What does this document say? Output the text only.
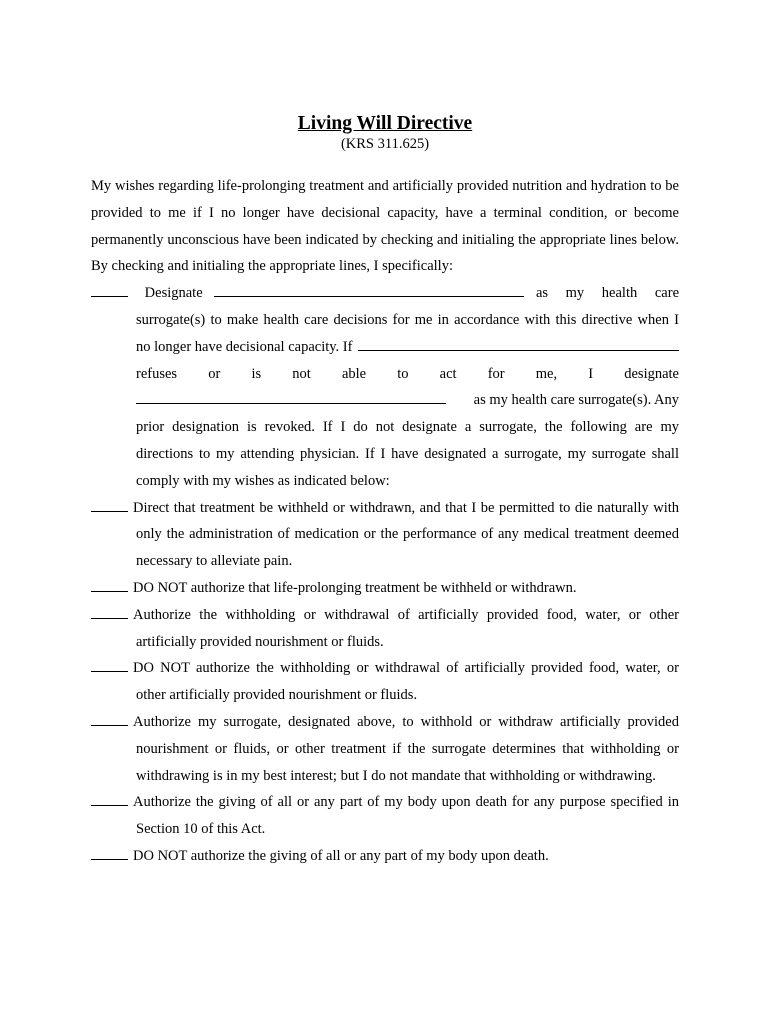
Living Will Directive
(KRS 311.625)
My wishes regarding life-prolonging treatment and artificially provided nutrition and hydration to be provided to me if I no longer have decisional capacity, have a terminal condition, or become permanently unconscious have been indicated by checking and initialing the appropriate lines below. By checking and initialing the appropriate lines, I specifically:
Designate	as my health care
surrogate(s) to make health care decisions for me in accordance with this directive when I
no longer have decisional capacity. If
refuses or is not able to act for me, I designate
as my health care surrogate(s). Any
prior designation is revoked. If I do not designate a surrogate, the following are my directions to my attending physician. If I have designated a surrogate, my surrogate shall comply with my wishes as indicated below:
Direct that treatment be withheld or withdrawn, and that I be permitted to die naturally with only the administration of medication or the performance of any medical treatment deemed necessary to alleviate pain.
DO NOT authorize that life-prolonging treatment be withheld or withdrawn.
Authorize the withholding or withdrawal of artificially provided food, water, or other artificially provided nourishment or fluids.
DO NOT authorize the withholding or withdrawal of artificially provided food, water, or other artificially provided nourishment or fluids.
Authorize my surrogate, designated above, to withhold or withdraw artificially provided nourishment or fluids, or other treatment if the surrogate determines that withholding or withdrawing is in my best interest; but I do not mandate that withholding or withdrawing.
Authorize the giving of all or any part of my body upon death for any purpose specified in Section 10 of this Act.
DO NOT authorize the giving of all or any part of my body upon death.
